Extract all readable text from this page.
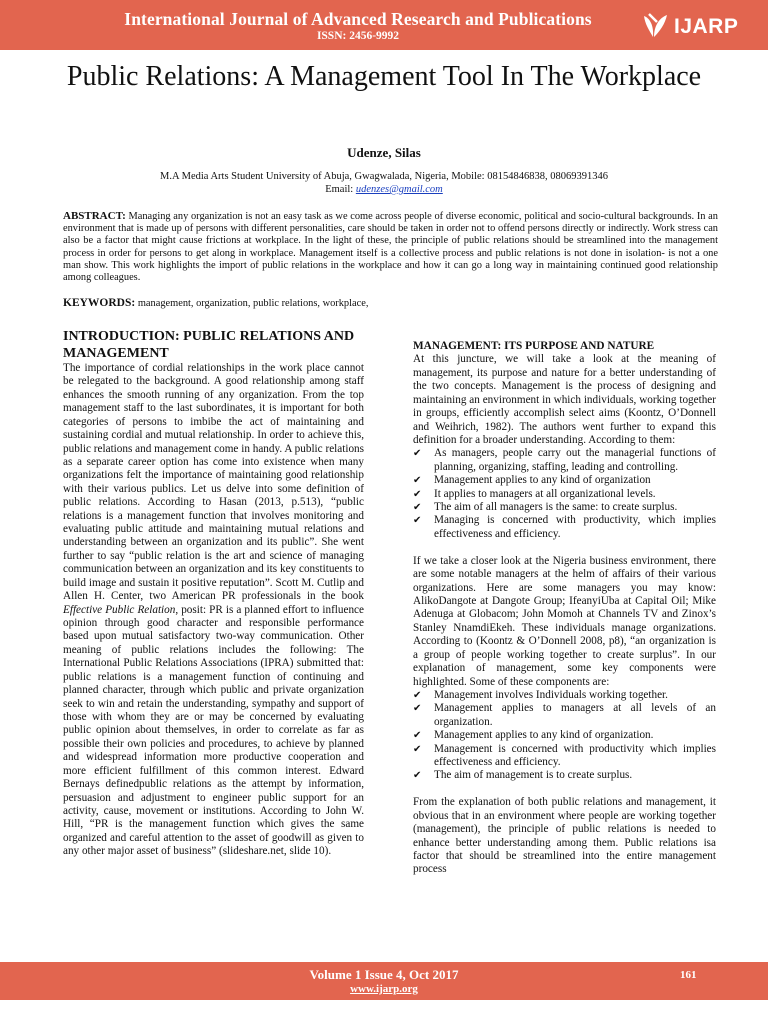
International Journal of Advanced Research and Publications
ISSN: 2456-9992	IJARP
Public Relations: A Management Tool In The Workplace
Udenze, Silas
M.A Media Arts Student University of Abuja, Gwagwalada, Nigeria, Mobile: 08154846838, 08069391346
Email: udenzes@gmail.com
ABSTRACT: Managing any organization is not an easy task as we come across people of diverse economic, political and socio-cultural backgrounds. In an environment that is made up of persons with different personalities, care should be taken in order not to offend persons directly or indirectly. Work stress can also be a factor that might cause frictions at workplace. In the light of these, the principle of public relations should be streamlined into the management process in order for persons to get along in workplace. Management itself is a collective process and public relations is not done in isolation- is not a one man show. This work highlights the import of public relations in the workplace and how it can go a long way in maintaining continued good relationship among colleagues.
KEYWORDS: management, organization, public relations, workplace,
INTRODUCTION: PUBLIC RELATIONS AND MANAGEMENT

The importance of cordial relationships in the work place cannot be relegated to the background. A good relationship among staff enhances the smooth running of any organization. From the top management staff to the last subordinates, it is important for both categories of persons to imbibe the act of maintaining and sustaining cordial and mutual relationship. In order to achieve this, public relations and management come in handy. A public relations as a separate career option has come into existence when many organizations felt the importance of maintaining good relationship with their various publics. Let us delve into some definition of public relations. According to Hasan (2013, p.513), “public relations is a management function that involves monitoring and evaluating public attitude and maintaining mutual relations and understanding between an organization and its public”. She went further to say “public relation is the art and science of managing communication between an organization and its key constituents to build image and sustain it positive reputation”. Scott M. Cutlip and Allen H. Center, two American PR professionals in the book Effective Public Relation, posit: PR is a planned effort to influence opinion through good character and responsible performance based upon mutual satisfactory two-way communication. Other meaning of public relations includes the following: The International Public Relations Associations (IPRA) submitted that: public relations is a management function of continuing and planned character, through which public and private organization seek to win and retain the understanding, sympathy and support of those with whom they are or may be concerned by evaluating public opinion about themselves, in order to correlate as far as possible their own policies and procedures, to achieve by planned and widespread information more productive cooperation and more efficient fulfillment of this common interest. Edward Bernays definedpublic relations as the attempt by information, persuasion and adjustment to engineer public support for an activity, cause, movement or institutions. According to John W. Hill, “PR is the management function which gives the same organized and careful attention to the asset of goodwill as given to any other major asset of business” (slideshare.net, slide 10).

MANAGEMENT: ITS PURPOSE AND NATURE

At this juncture, we will take a look at the meaning of management, its purpose and nature for a better understanding of the two concepts. Management is the process of designing and maintaining an environment in which individuals, working together in groups, efficiently accomplish select aims (Koontz, O’Donnell and Weihrich, 1982). The authors went further to expand this definition for a broader understanding. According to them:

✔ As managers, people carry out the managerial functions of planning, organizing, staffing, leading and controlling.
✔ Management applies to any kind of organization
✔ It applies to managers at all organizational levels.
✔ The aim of all managers is the same: to create surplus.
✔ Managing is concerned with productivity, which implies effectiveness and efficiency.

If we take a closer look at the Nigeria business environment, there are some notable managers at the helm of affairs of their various organizations. Here are some managers you may know: AlikoDangote at Dangote Group; IfeanyiUba at Capital Oil; Mike Adenuga at Globacom; John Momoh at Channels TV and Zinox’s Stanley NnamdiEkeh. These individuals manage organizations. According to (Koontz & O’Donnell 2008, p8), “an organization is a group of people working together to create surplus”. In our explanation of management, some key components were highlighted. Some of these components are:

✔ Management involves Individuals working together.
✔ Management applies to managers at all levels of an organization.
✔ Management applies to any kind of organization.
✔ Management is concerned with productivity which implies effectiveness and efficiency.
✔ The aim of management is to create surplus.

From the explanation of both public relations and management, it obvious that in an environment where people are working together (management), the principle of public relations is needed to enhance better understanding among them. Public relations isa factor that should be streamlined into the entire management process

Volume 1 Issue 4, Oct 2017	161
www.ijarp.org
